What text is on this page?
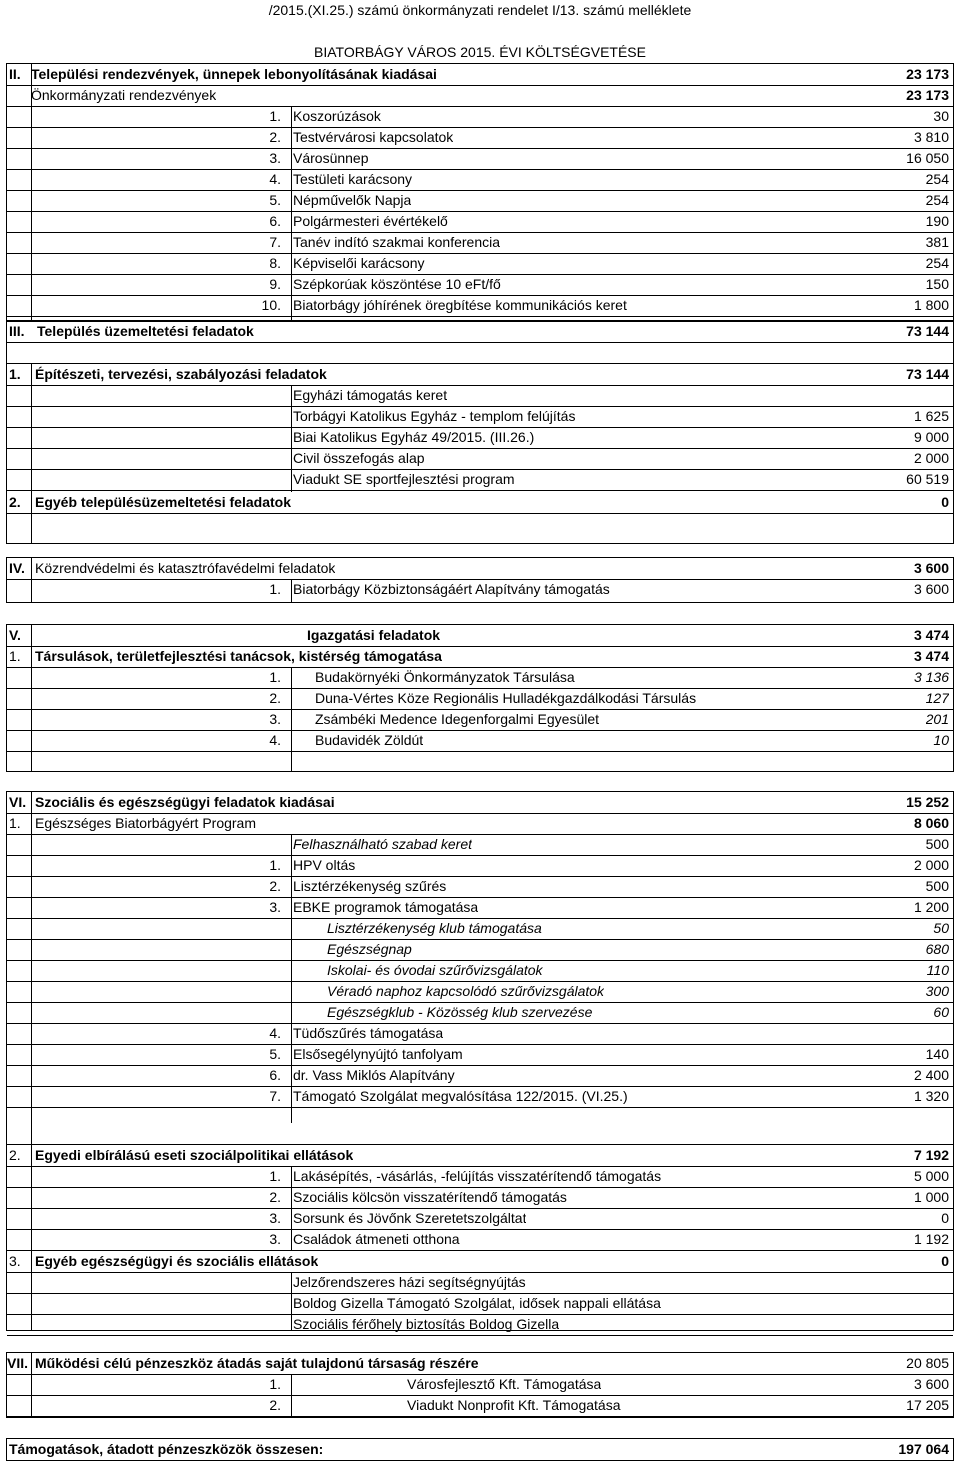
/2015.(XI.25.) számú önkormányzati rendelet I/13. számú melléklete
BIATORBÁGY VÁROS 2015. ÉVI KÖLTSÉGVETÉSE
II. Települési rendezvények, ünnepek lebonyolításának kiadásai	23 173
Önkormányzati rendezvények	23 173
1. Koszorúzások	30
2. Testvérvárosi kapcsolatok	3 810
3. Városünnep	16 050
4. Testületi karácsony	254
5. Népművelők Napja	254
6. Polgármesteri évértékelő	190
7. Tanév indító szakmai konferencia	381
8. Képviselői karácsony	254
9. Szépkorúak köszöntése 10 eFt/fő	150
10. Biatorbágy jóhírének öregbítése kommunikációs keret	1 800
III. Település üzemeltetési feladatok	73 144
1. Építészeti, tervezési, szabályozási feladatok	73 144
Egyházi támogatás keret
Torbágyi Katolikus Egyház - templom felújítás	1 625
Biai Katolikus Egyház 49/2015. (III.26.)	9 000
Civil összefogás alap	2 000
Viadukt SE sportfejlesztési program	60 519
2. Egyéb településüzemeltetési feladatok	0
IV. Közrendvédelmi és katasztrófavédelmi feladatok	3 600
1. Biatorbágy Közbiztonságáért Alapítvány támogatás	3 600
V.	Igazgatási feladatok	3 474
1. Társulások, területfejlesztési tanácsok, kistérség támogatása	3 474
1. Budakörnyéki Önkormányzatok Társulása	3 136
2. Duna-Vértes Köze Regionális Hulladékgazdálkodási Társulás	127
3. Zsámbéki Medence Idegenforgalmi Egyesület	201
4. Budavidék Zöldút	10
VI. Szociális és egészségügyi feladatok kiadásai	15 252
1. Egészséges Biatorbágyért Program	8 060
Felhasználható szabad keret	500
1. HPV oltás	2 000
2. Lisztérzékenység szűrés	500
3. EBKE programok támogatása	1 200
Lisztérzékenység klub támogatása	50
Egészségnap	680
Iskolai- és óvodai szűrővizsgálatok	110
Véradó naphoz kapcsolódó szűrővizsgálatok	300
Egészségklub - Közösség klub szervezése	60
4. Tüdőszűrés támogatása
5. Elsősegélynyújtó tanfolyam	140
6. dr. Vass Miklós Alapítvány	2 400
7. Támogató Szolgálat megvalósítása 122/2015. (VI.25.)	1 320
2. Egyedi elbírálású eseti szociálpolitikai ellátások	7 192
1. Lakásépítés, -vásárlás, -felújítás visszatérítendő támogatás	5 000
2. Szociális kölcsön visszatérítendő támogatás	1 000
3. Sorsunk és Jövőnk Szeretetszolgáltat	0
3. Családok átmeneti otthona	1 192
3. Egyéb egészségügyi és szociális ellátások	0
Jelzőrendszeres házi segítségnyújtás
Boldog Gizella Támogató Szolgálat, idősek nappali ellátása
Szociális férőhely biztosítás Boldog Gizella
VII. Működési célú pénzeszköz átadás saját tulajdonú társaság részére	20 805
1.	Városfejlesztő Kft. Támogatása	3 600
2.	Viadukt Nonprofit Kft. Támogatása	17 205
Támogatások, átadott pénzeszközök összesen:	197 064
